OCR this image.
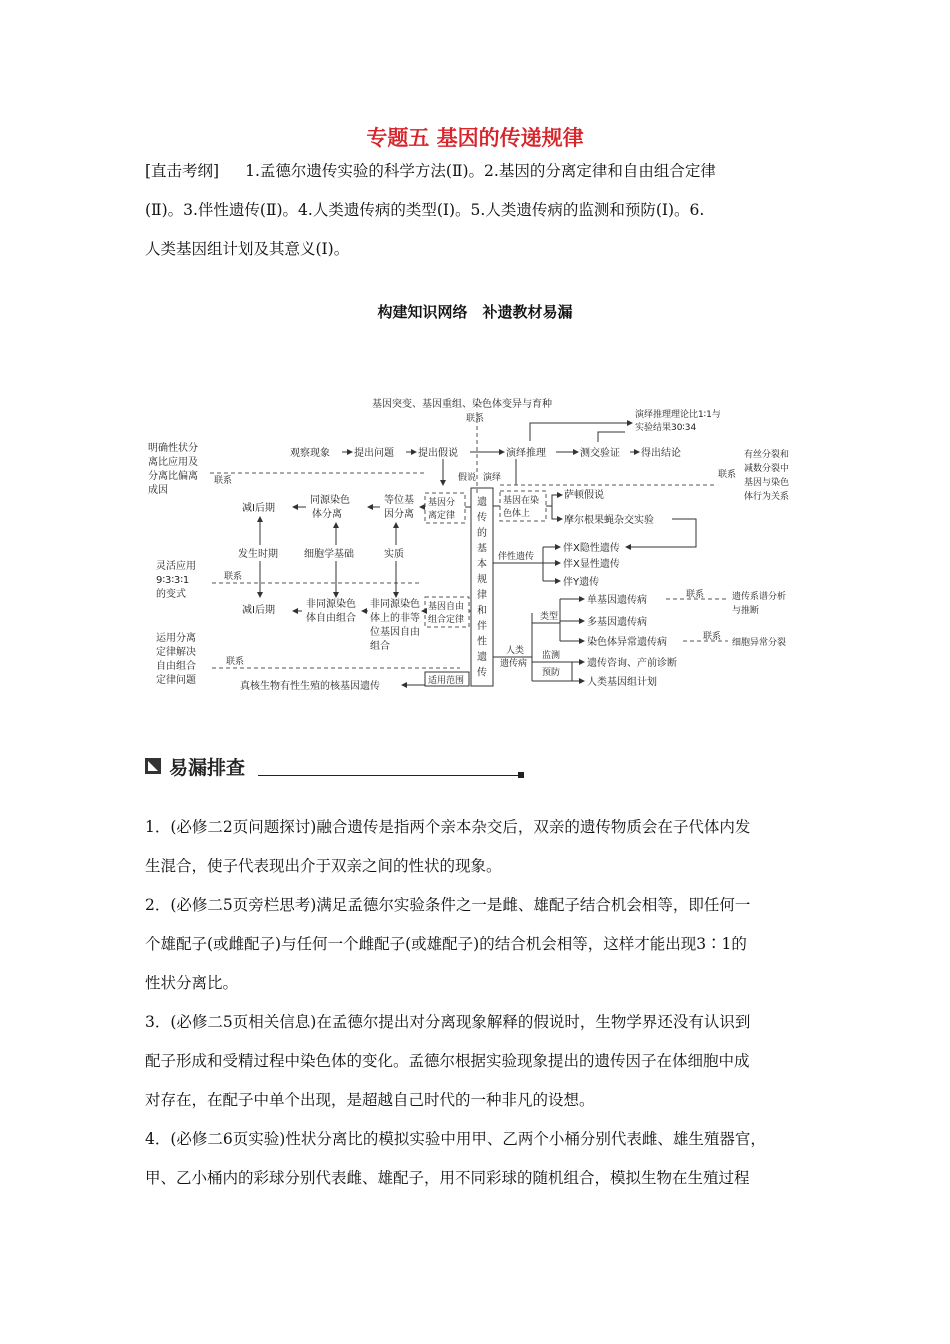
专题五 基因的传递规律
[直击考纲] 1.孟德尔遗传实验的科学方法(Ⅱ)。2.基因的分离定律和自由组合定律
(Ⅱ)。3.伴性遗传(Ⅱ)。4.人类遗传病的类型(Ⅰ)。5.人类遗传病的监测和预防(Ⅰ)。6.
人类基因组计划及其意义(Ⅰ)。
构建知识网络　补遗教材易漏
基因突变、基因重组、染色体变异与育种
联系
观察现象 提出问题 提出假说	演绎推理	测交验证 得出结论
演绎推理理论比1∶1与
实验结果30∶34
假说 演绎
明确性状分
离比应用及
分离比偏离
成因
联系
灵活应用
9∶3∶3∶1
的变式
联系
运用分离
定律解决
自由组合
定律问题
联系
减Ⅰ后期
同源染色
体分离
等位基
因分离
基因分
离定律
发生时期	细胞学基础	实质
减Ⅰ后期
非同源染色
体自由组合
非同源染色
体上的非等
位基因自由
组合
基因自由
组合定律
遗
传
的
基
本
规
律
和
伴
性
遗
传
真核生物有性生殖的核基因遗传	适用范围
基因在染
色体上
萨顿假说
摩尔根果蝇杂交实验
联系
有丝分裂和
减数分裂中
基因与染色
体行为关系
伴性遗传
伴X隐性遗传
伴X显性遗传
伴Y遗传
人类
遗传病
类型
单基因遗传病
多基因遗传病
染色体异常遗传病
联系	遗传系谱分析
与推断
联系
细胞异常分裂
监测
预防
遗传咨询、产前诊断
人类基因组计划
易漏排查
1．(必修二2页问题探讨)融合遗传是指两个亲本杂交后，双亲的遗传物质会在子代体内发
生混合，使子代表现出介于双亲之间的性状的现象。
2．(必修二5页旁栏思考)满足孟德尔实验条件之一是雌、雄配子结合机会相等，即任何一
个雄配子(或雌配子)与任何一个雌配子(或雄配子)的结合机会相等，这样才能出现3∶1的
性状分离比。
3．(必修二5页相关信息)在孟德尔提出对分离现象解释的假说时，生物学界还没有认识到
配子形成和受精过程中染色体的变化。孟德尔根据实验现象提出的遗传因子在体细胞中成
对存在，在配子中单个出现，是超越自己时代的一种非凡的设想。
4．(必修二6页实验)性状分离比的模拟实验中用甲、乙两个小桶分别代表雌、雄生殖器官，
甲、乙小桶内的彩球分别代表雌、雄配子，用不同彩球的随机组合，模拟生物在生殖过程
